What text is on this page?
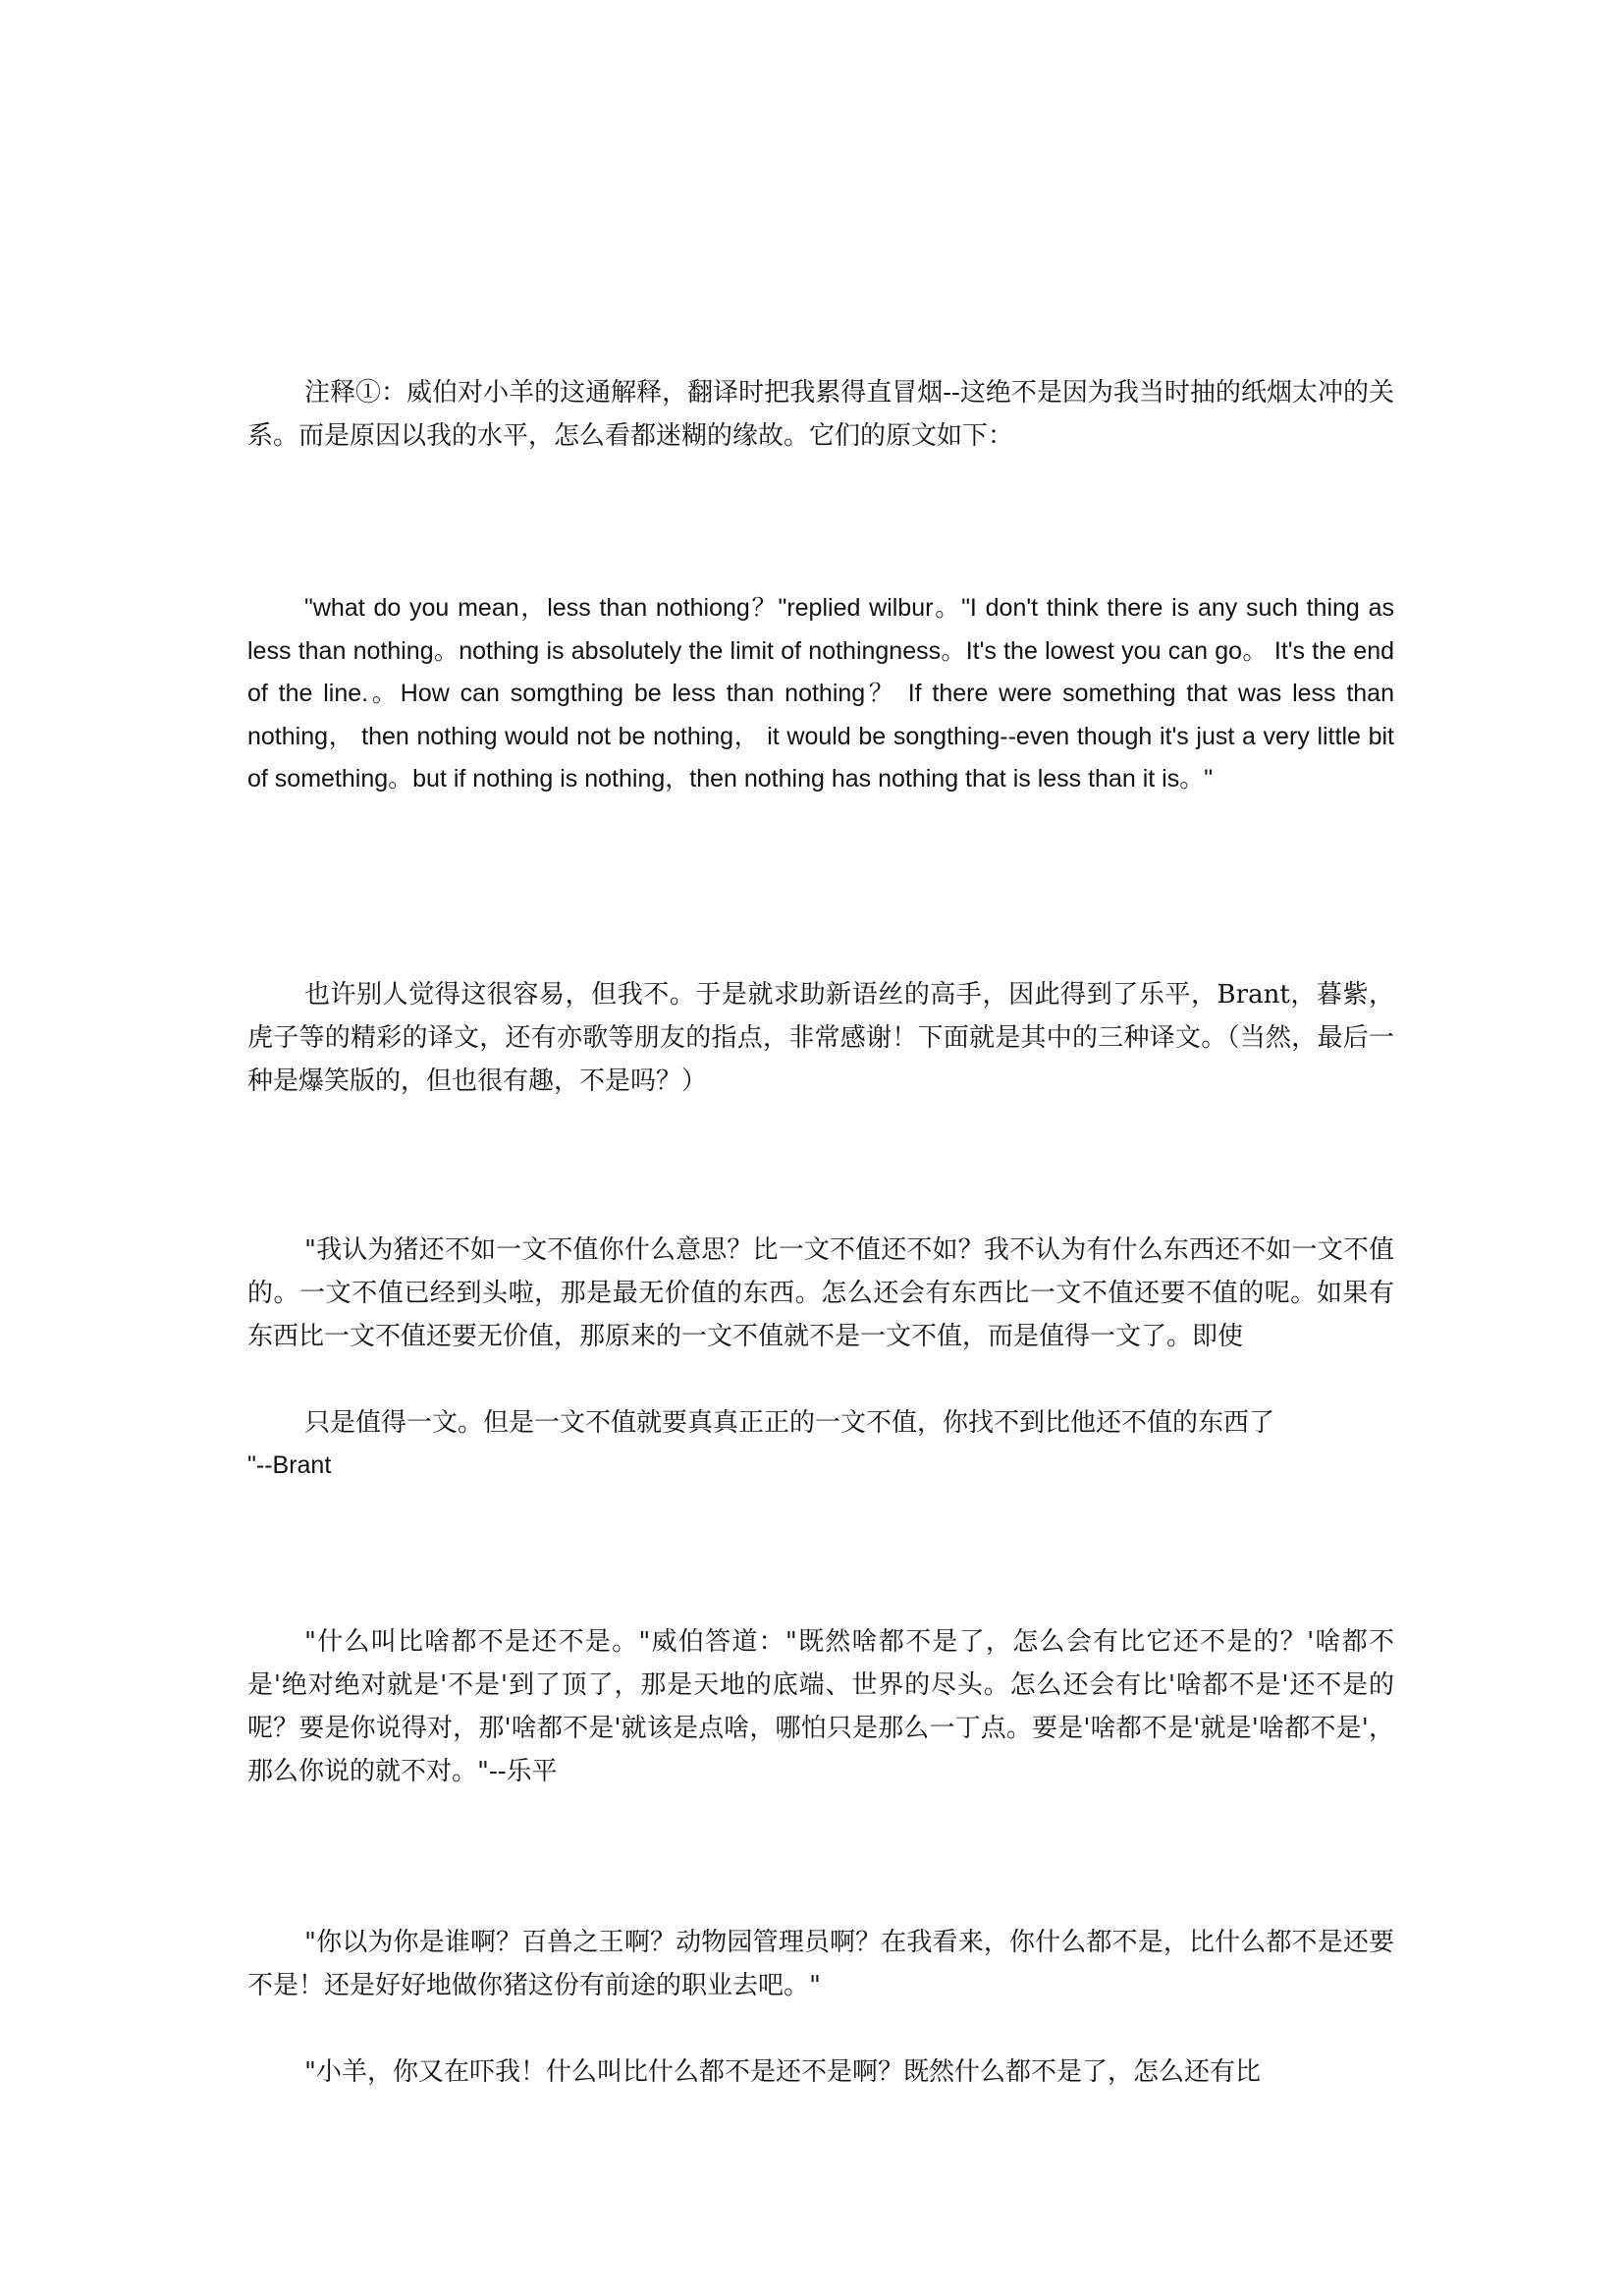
注释①：威伯对小羊的这通解释，翻译时把我累得直冒烟--这绝不是因为我当时抽的纸烟太冲的关系。而是原因以我的水平，怎么看都迷糊的缘故。它们的原文如下：

"what do you mean，less than nothiong？"replied wilbur。"I don't think there is any such thing as less than nothing。nothing is absolutely the limit of nothingness。It's the lowest you can go。 It's the end of the line.。How can somgthing be less than nothing？ If there were something that was less than nothing， then nothing would not be nothing， it would be songthing--even though it's just a very little bit of something。but if nothing is nothing，then nothing has nothing that is less than it is。"

也许别人觉得这很容易，但我不。于是就求助新语丝的高手，因此得到了乐平，Brant，暮紫，虎子等的精彩的译文，还有亦歌等朋友的指点，非常感谢！下面就是其中的三种译文。（当然，最后一种是爆笑版的，但也很有趣，不是吗？）

"我认为猪还不如一文不值你什么意思？比一文不值还不如？我不认为有什么东西还不如一文不值的。一文不值已经到头啦，那是最无价值的东西。怎么还会有东西比一文不值还要不值的呢。如果有东西比一文不值还要无价值，那原来的一文不值就不是一文不值，而是值得一文了。即使

只是值得一文。但是一文不值就要真真正正的一文不值，你找不到比他还不值的东西了

"--Brant

"什么叫比啥都不是还不是。"威伯答道："既然啥都不是了，怎么会有比它还不是的？'啥都不是'绝对绝对就是'不是'到了顶了，那是天地的底端、世界的尽头。怎么还会有比'啥都不是'还不是的呢？要是你说得对，那'啥都不是'就该是点啥，哪怕只是那么一丁点。要是'啥都不是'就是'啥都不是'，那么你说的就不对。"--乐平

"你以为你是谁啊？百兽之王啊？动物园管理员啊？在我看来，你什么都不是，比什么都不是还要不是！还是好好地做你猪这份有前途的职业去吧。"

"小羊，你又在吓我！什么叫比什么都不是还不是啊？既然什么都不是了，怎么还有比
